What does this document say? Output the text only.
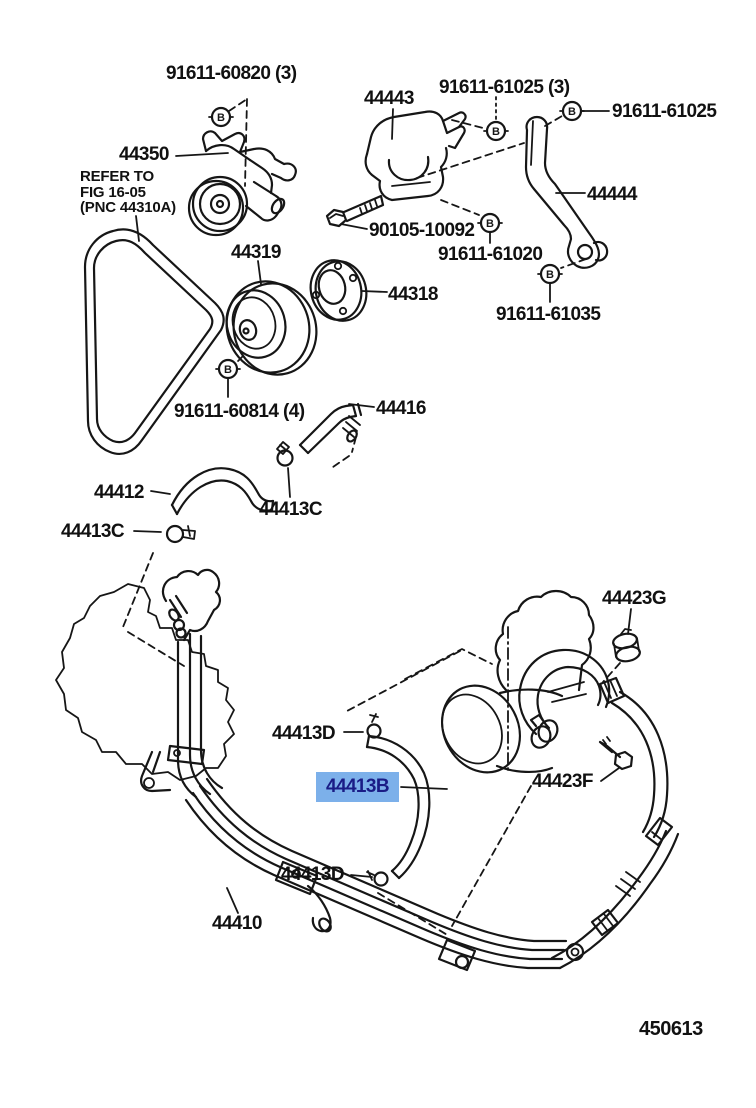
B
B
B
B
B
B
91611-60820 (3)
44350
REFER TO
FIG 16-05
(PNC 44310A)
44443
91611-61025 (3)
91611-61025
44444
90105-10092
91611-61020
91611-61035
44319
44318
91611-60814 (4)	44416
44412
44413C
44413C
44423G
44413D
44413B	44423F
44413D
44410
450613
